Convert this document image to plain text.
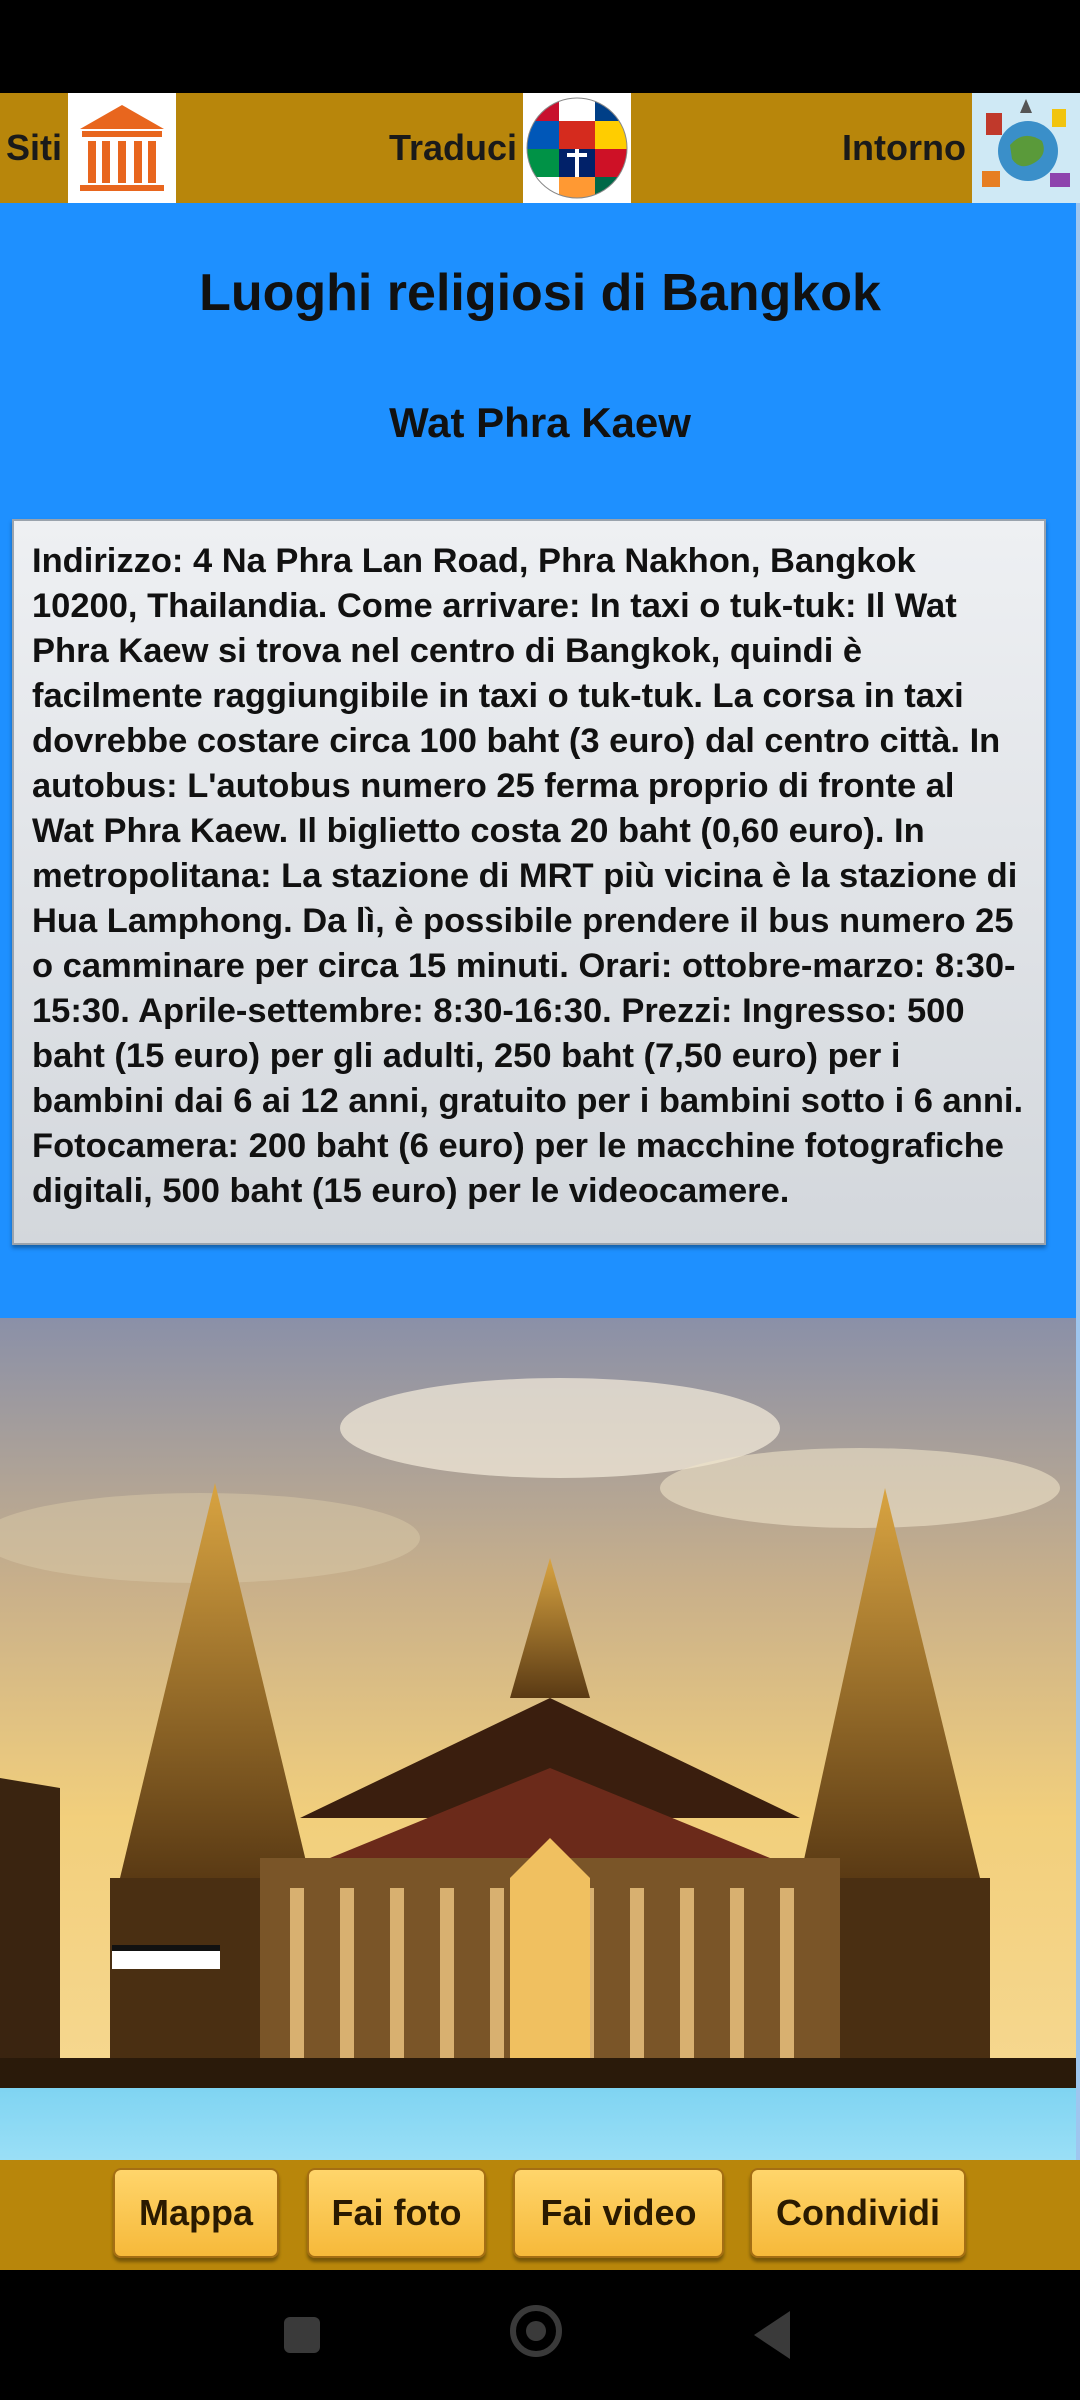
Siti	Traduci	Intorno
Luoghi religiosi di Bangkok
Wat Phra Kaew
Indirizzo: 4 Na Phra Lan Road, Phra Nakhon, Bangkok 10200, Thailandia. Come arrivare: In taxi o tuk-tuk: Il Wat Phra Kaew si trova nel centro di Bangkok, quindi è facilmente raggiungibile in taxi o tuk-tuk. La corsa in taxi dovrebbe costare circa 100 baht (3 euro) dal centro città. In autobus: L'autobus numero 25 ferma proprio di fronte al Wat Phra Kaew. Il biglietto costa 20 baht (0,60 euro). In metropolitana: La stazione di MRT più vicina è la stazione di Hua Lamphong. Da lì, è possibile prendere il bus numero 25 o camminare per circa 15 minuti. Orari: ottobre-marzo: 8:30-15:30. Aprile-settembre: 8:30-16:30. Prezzi: Ingresso: 500 baht (15 euro) per gli adulti, 250 baht (7,50 euro) per i bambini dai 6 ai 12 anni, gratuito per i bambini sotto i 6 anni. Fotocamera: 200 baht (6 euro) per le macchine fotografiche digitali, 500 baht (15 euro) per le videocamere.
Mappa	Fai foto	Fai video	Condividi
